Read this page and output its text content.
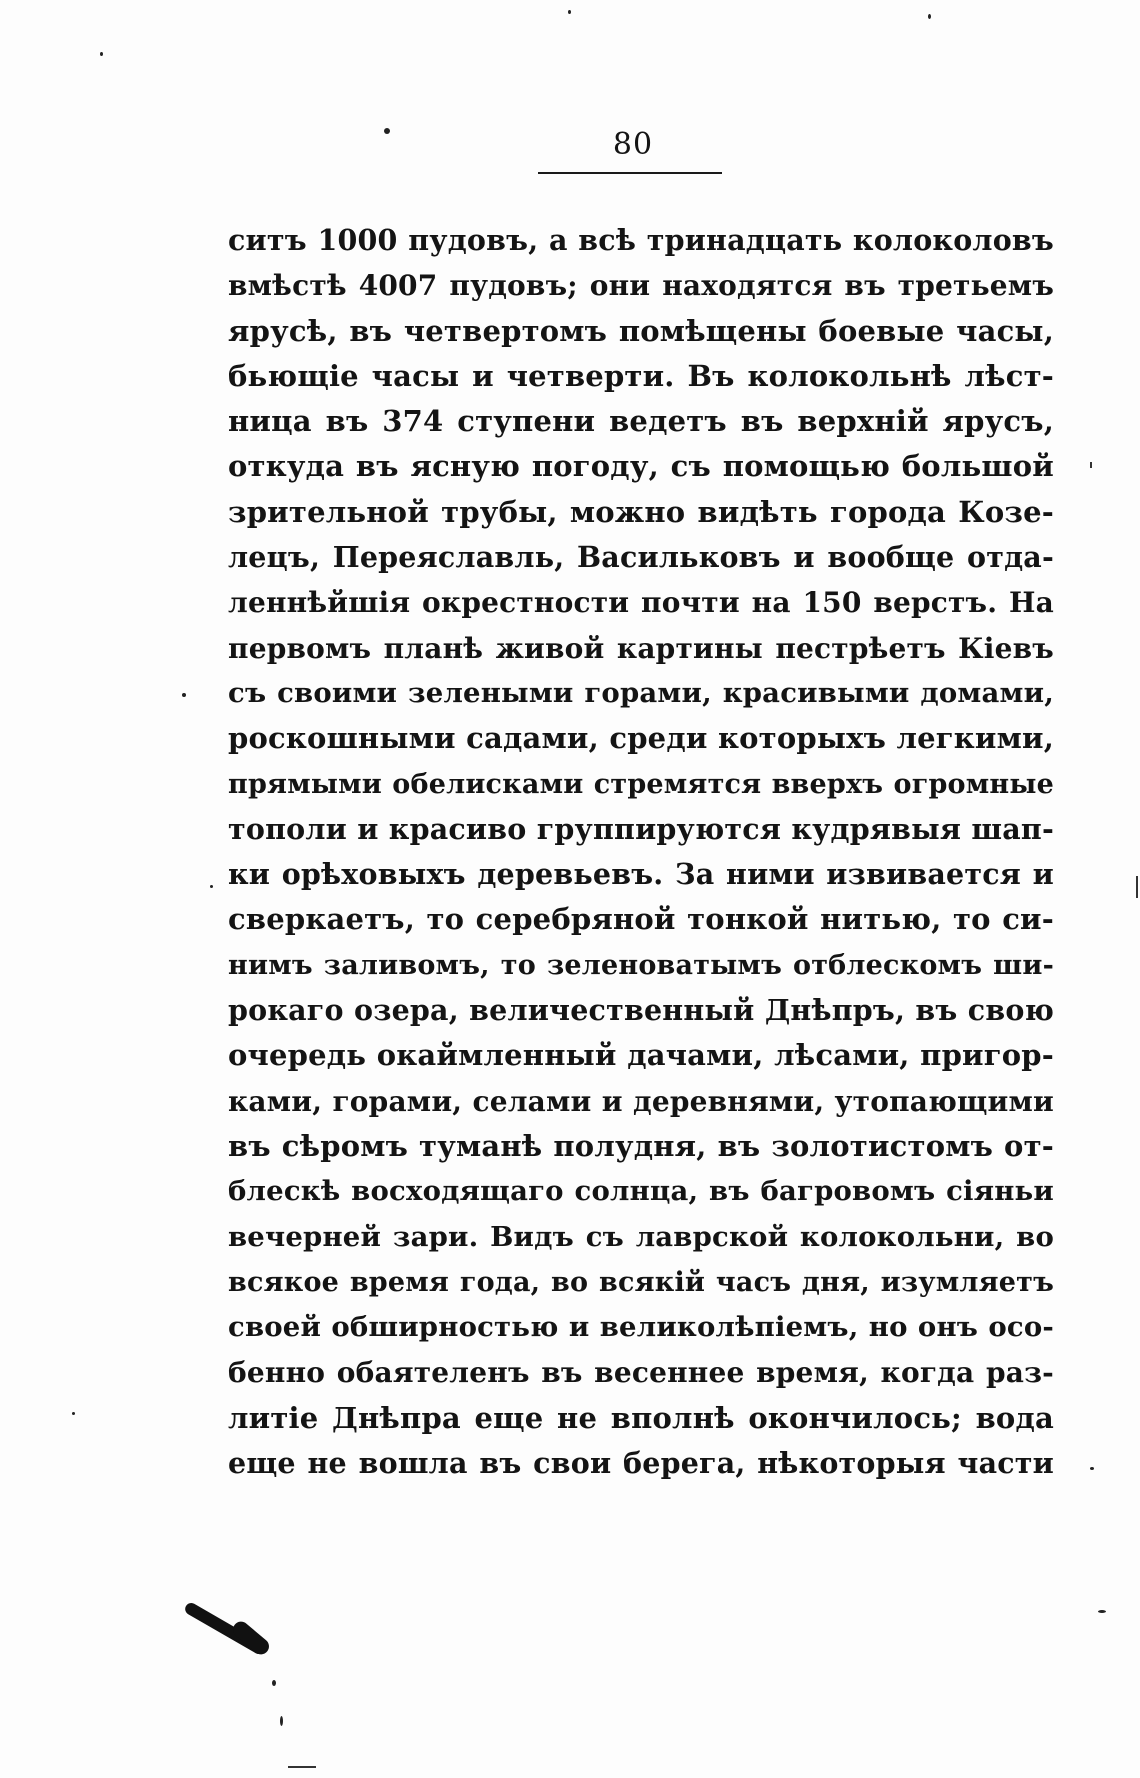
80
ситъ 1000 пудовъ, а всѣ тринадцать колоколовъ
вмѣстѣ 4007 пудовъ; они находятся въ третьемъ
ярусѣ, въ четвертомъ помѣщены боевые часы,
бьющіе часы и четверти. Въ колокольнѣ лѣст-
ница въ 374 ступени ведетъ въ верхній ярусъ,
откуда въ ясную погоду, съ помощью большой
зрительной трубы, можно видѣть города Козе-
лецъ, Переяславль, Васильковъ и вообще отда-
леннѣйшія окрестности почти на 150 верстъ. На
первомъ планѣ живой картины пестрѣетъ Кіевъ
съ своими зелеными горами, красивыми домами,
роскошными садами, среди которыхъ легкими,
прямыми обелисками стремятся вверхъ огромные
тополи и красиво группируются кудрявыя шап-
ки орѣховыхъ деревьевъ. За ними извивается и
сверкаетъ, то серебряной тонкой нитью, то си-
нимъ заливомъ, то зеленоватымъ отблескомъ ши-
рокаго озера, величественный Днѣпръ, въ свою
очередь окаймленный дачами, лѣсами, пригор-
ками, горами, селами и деревнями, утопающими
въ сѣромъ туманѣ полудня, въ золотистомъ от-
блескѣ восходящаго солнца, въ багровомъ сіяньи
вечерней зари. Видъ съ лаврской колокольни, во
всякое время года, во всякій часъ дня, изумляетъ
своей обширностью и великолѣпіемъ, но онъ осо-
бенно обаятеленъ въ весеннее время, когда раз-
литіе Днѣпра еще не вполнѣ окончилось; вода
еще не вошла въ свои берега, нѣкоторыя части
